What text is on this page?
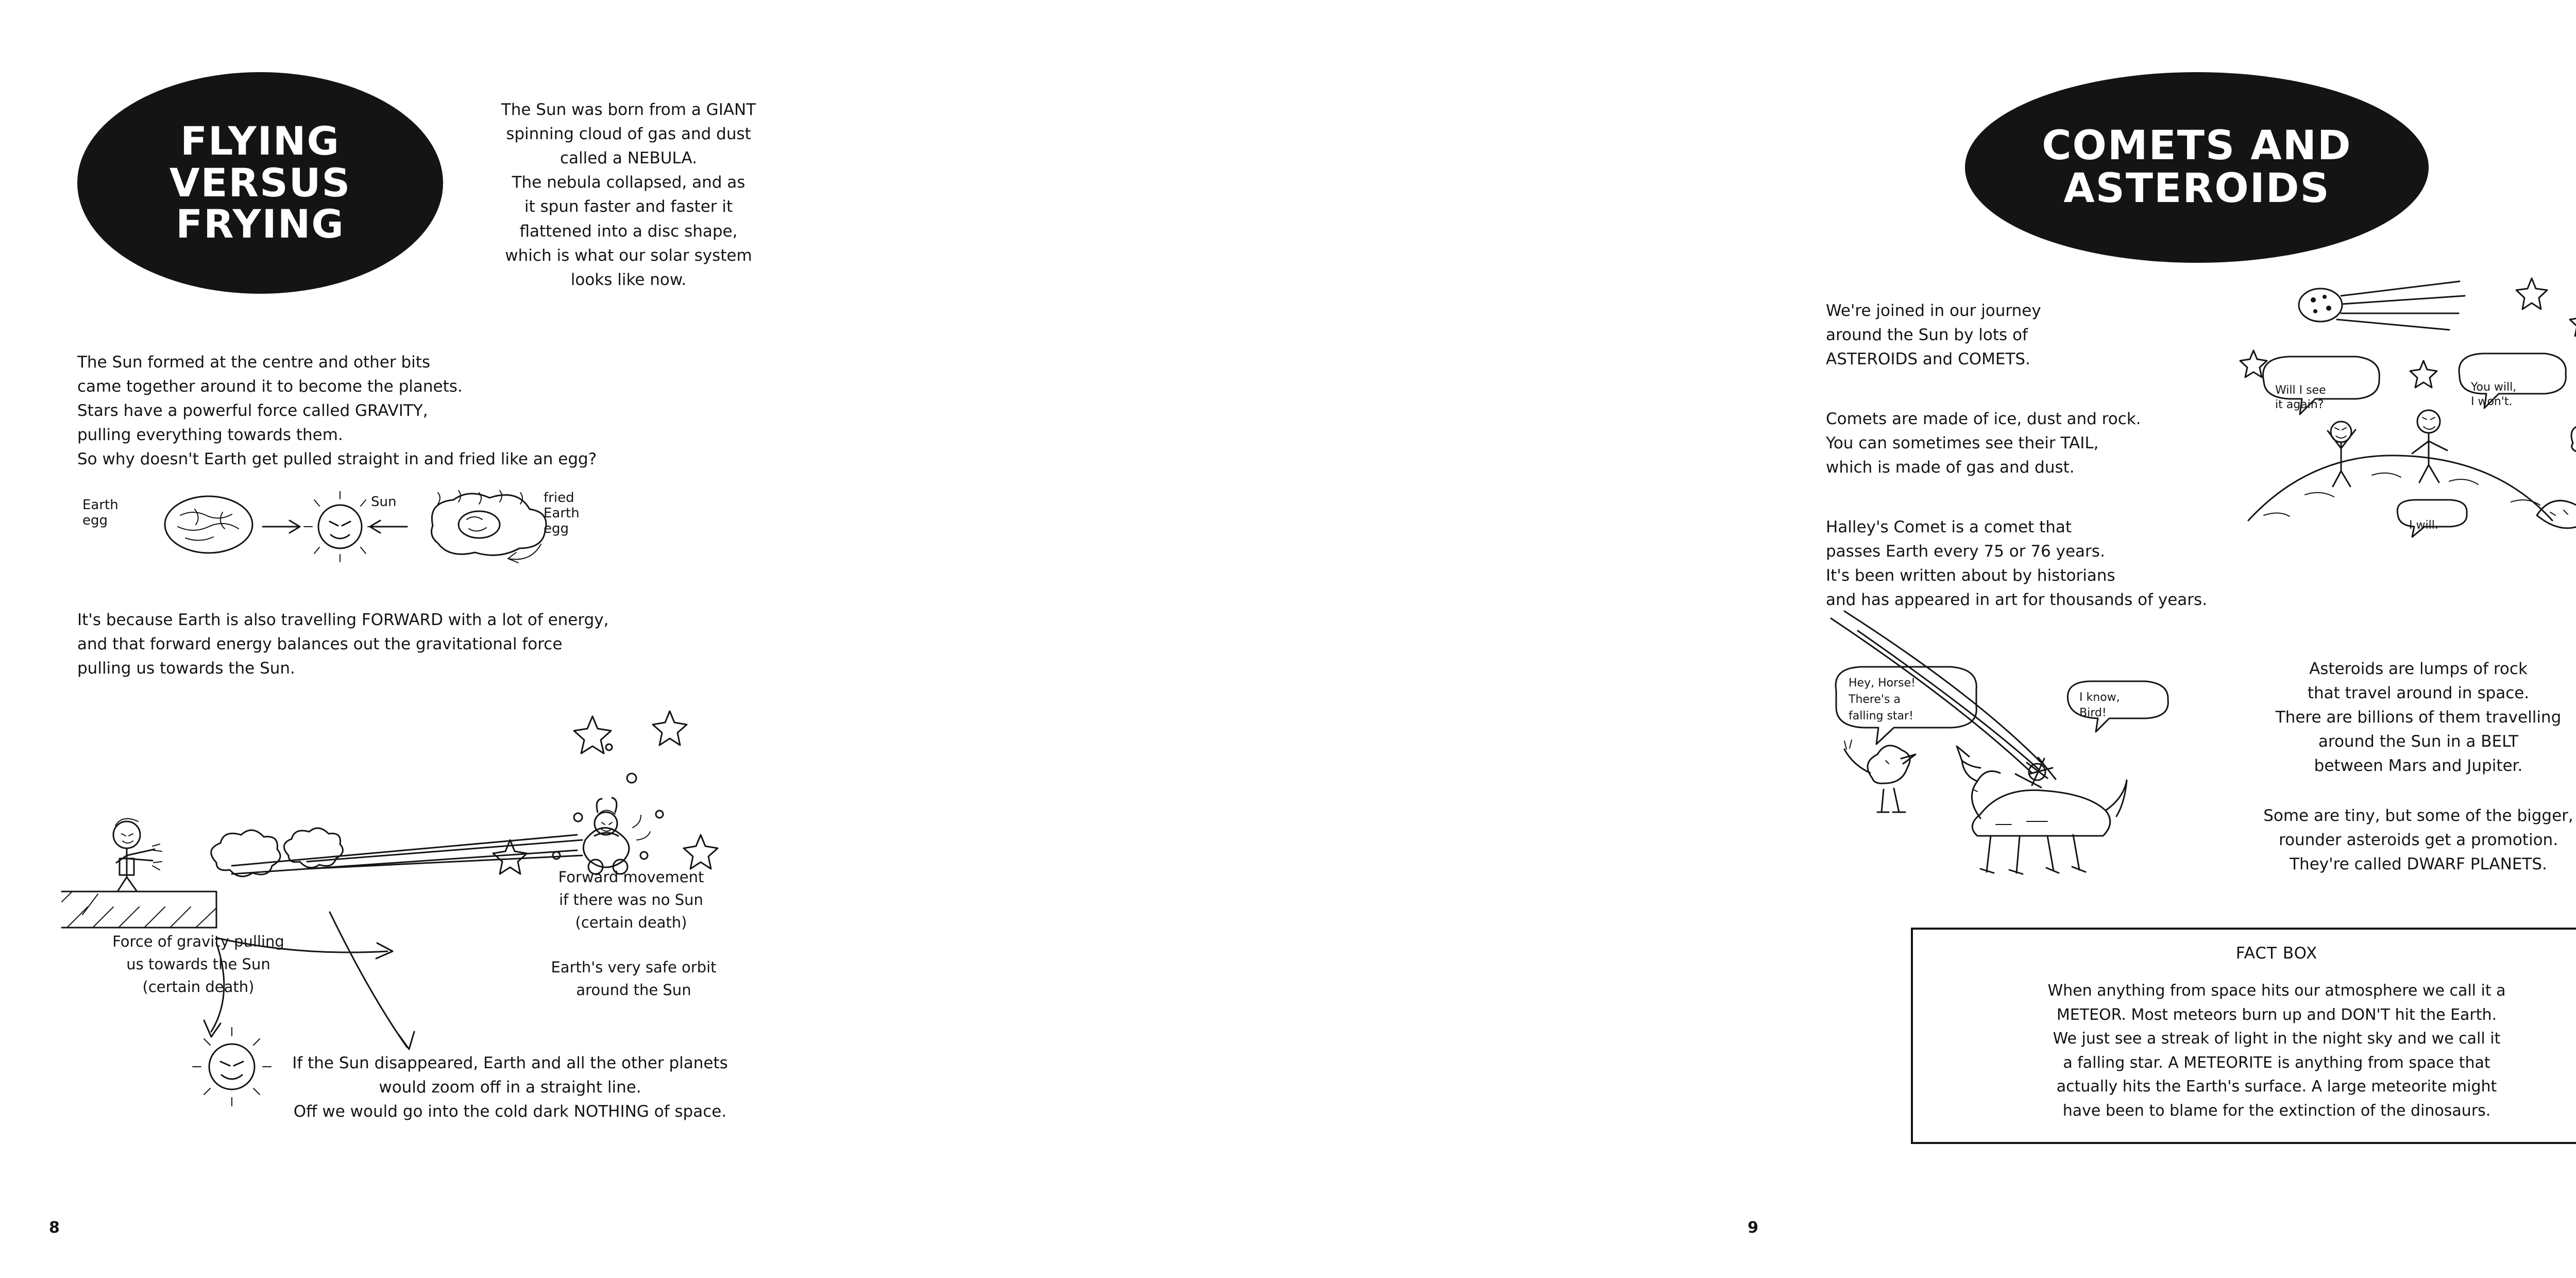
FLYING
VERSUS
FRYING
The Sun was born from a GIANT
spinning cloud of gas and dust
called a NEBULA.
The nebula collapsed, and as
it spun faster and faster it
flattened into a disc shape,
which is what our solar system
looks like now.
The Sun formed at the centre and other bits
came together around it to become the planets.
Stars have a powerful force called GRAVITY,
pulling everything towards them.
So why doesn't Earth get pulled straight in and fried like an egg?
Earth
egg
Sun	fried
Earth
egg
It's because Earth is also travelling FORWARD with a lot of energy,
and that forward energy balances out the gravitational force
pulling us towards the Sun.
Forward movement
if there was no Sun
(certain death)
Force of gravity pulling
us towards the Sun
(certain death)
Earth's very safe orbit
around the Sun
If the Sun disappeared, Earth and all the other planets
would zoom off in a straight line.
Off we would go into the cold dark NOTHING of space.
8
COMETS AND
ASTEROIDS
We're joined in our journey
around the Sun by lots of
ASTEROIDS and COMETS.
Comets are made of ice, dust and rock.
You can sometimes see their TAIL,
which is made of gas and dust.
Halley's Comet is a comet that
passes Earth every 75 or 76 years.
It's been written about by historians
and has appeared in art for thousands of years.
Asteroids are lumps of rock
that travel around in space.
There are billions of them travelling
around the Sun in a BELT
between Mars and Jupiter.
Some are tiny, but some of the bigger,
rounder asteroids get a promotion.
They're called DWARF PLANETS.
Will I see
it again?
You will,
I won't.
I will.
Hey, Horse!
There's a
falling star!
I know,
Bird!
FACT BOX
When anything from space hits our atmosphere we call it a
METEOR. Most meteors burn up and DON'T hit the Earth.
We just see a streak of light in the night sky and we call it
a falling star. A METEORITE is anything from space that
actually hits the Earth's surface. A large meteorite might
have been to blame for the extinction of the dinosaurs.
9
